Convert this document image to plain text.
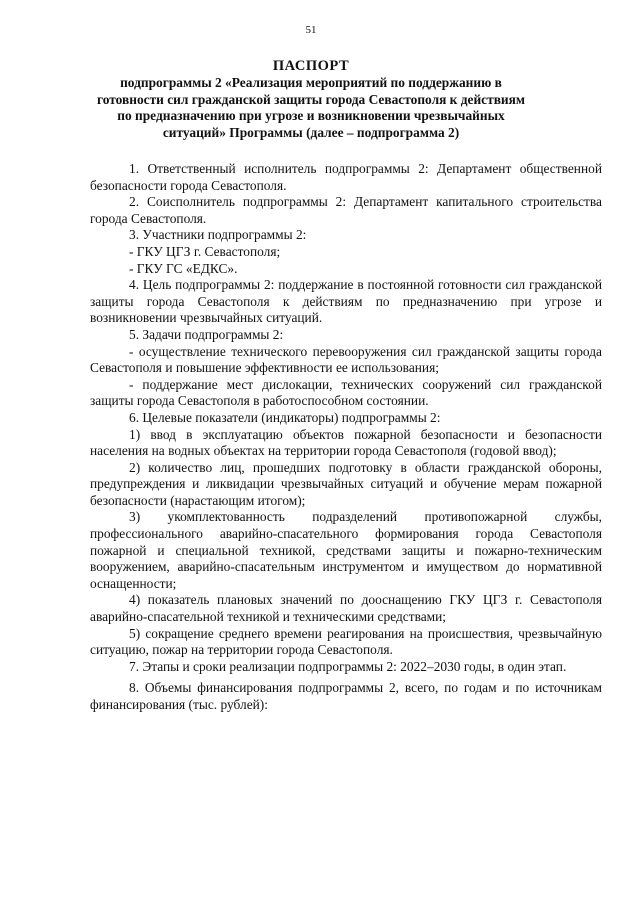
51
ПАСПОРТ
подпрограммы 2 «Реализация мероприятий по поддержанию в готовности сил гражданской защиты города Севастополя к действиям по предназначению при угрозе и возникновении чрезвычайных ситуаций» Программы (далее – подпрограмма 2)

1. Ответственный исполнитель подпрограммы 2: Департамент общественной безопасности города Севастополя.

2. Соисполнитель подпрограммы 2: Департамент капитального строительства города Севастополя.

3. Участники подпрограммы 2:

- ГКУ ЦГЗ г. Севастополя;

- ГКУ ГС «ЕДКС».

4. Цель подпрограммы 2: поддержание в постоянной готовности сил гражданской защиты города Севастополя к действиям по предназначению при угрозе и возникновении чрезвычайных ситуаций.

5. Задачи подпрограммы 2:

- осуществление технического перевооружения сил гражданской защиты города Севастополя и повышение эффективности ее использования;

- поддержание мест дислокации, технических сооружений сил гражданской защиты города Севастополя в работоспособном состоянии.

6. Целевые показатели (индикаторы) подпрограммы 2:

1) ввод в эксплуатацию объектов пожарной безопасности и безопасности населения на водных объектах на территории города Севастополя (годовой ввод);

2) количество лиц, прошедших подготовку в области гражданской обороны, предупреждения и ликвидации чрезвычайных ситуаций и обучение мерам пожарной безопасности (нарастающим итогом);

3) укомплектованность подразделений противопожарной службы, профессионального аварийно-спасательного формирования города Севастополя пожарной и специальной техникой, средствами защиты и пожарно-техническим вооружением, аварийно-спасательным инструментом и имуществом до нормативной оснащенности;

4) показатель плановых значений по дооснащению ГКУ ЦГЗ г. Севастополя аварийно-спасательной техникой и техническими средствами;

5) сокращение среднего времени реагирования на происшествия, чрезвычайную ситуацию, пожар на территории города Севастополя.

7. Этапы и сроки реализации подпрограммы 2: 2022–2030 годы, в один этап.

8. Объемы финансирования подпрограммы 2, всего, по годам и по источникам финансирования (тыс. рублей):
